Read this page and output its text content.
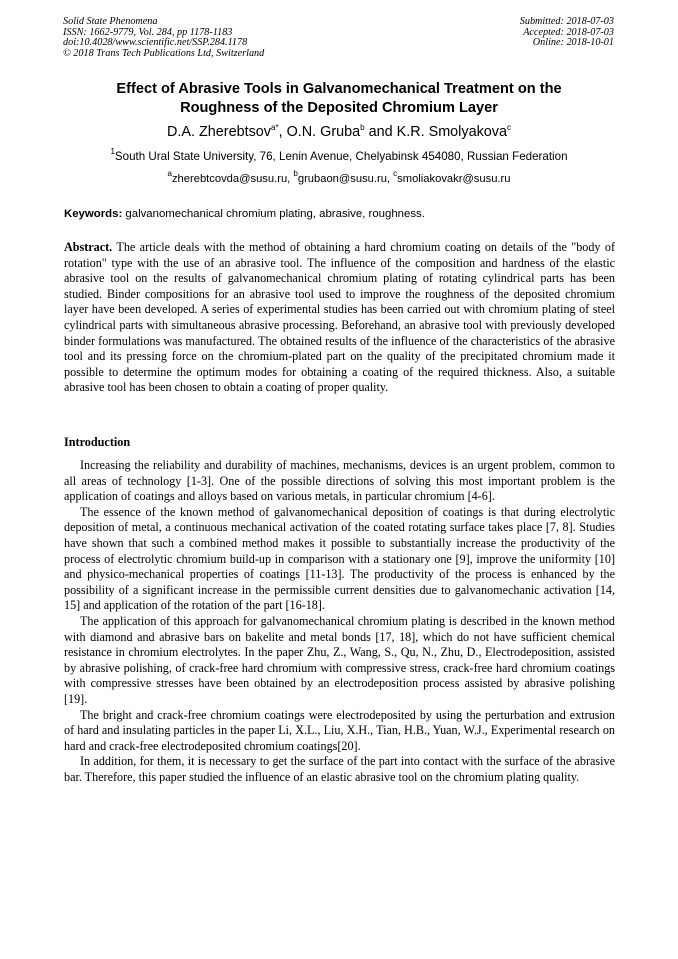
Solid State Phenomena
ISSN: 1662-9779, Vol. 284, pp 1178-1183
doi:10.4028/www.scientific.net/SSP.284.1178
© 2018 Trans Tech Publications Ltd, Switzerland
Submitted: 2018-07-03
Accepted: 2018-07-03
Online: 2018-10-01
Effect of Abrasive Tools in Galvanomechanical Treatment on the
Roughness of the Deposited Chromium Layer
D.A. Zherebtsov$^{a*}$, O.N. Gruba$^b$ and K.R. Smolyakova$^c$
$^1$South Ural State University, 76, Lenin Avenue, Chelyabinsk 454080, Russian Federation
$^a$zherebtcovda@susu.ru, $^b$grubaon@susu.ru, $^c$smoliakovakr@susu.ru
Keywords: galvanomechanical chromium plating, abrasive, roughness.

Abstract. The article deals with the method of obtaining a hard chromium coating on details of the "body of rotation" type with the use of an abrasive tool. The influence of the composition and hardness of the elastic abrasive tool on the results of galvanomechanical chromium plating of rotating cylindrical parts has been studied. Binder compositions for an abrasive tool used to improve the roughness of the deposited chromium layer have been developed. A series of experimental studies has been carried out with chromium plating of steel cylindrical parts with simultaneous abrasive processing. Beforehand, an abrasive tool with previously developed binder formulations was manufactured. The obtained results of the influence of the characteristics of the abrasive tool and its pressing force on the chromium-plated part on the quality of the precipitated chromium made it possible to determine the optimum modes for obtaining a coating of the required thickness. Also, a suitable abrasive tool has been chosen to obtain a coating of proper quality.

Introduction

Increasing the reliability and durability of machines, mechanisms, devices is an urgent problem, common to all areas of technology [1-3]. One of the possible directions of solving this most important problem is the application of coatings and alloys based on various metals, in particular chromium [4-6].

The essence of the known method of galvanomechanical deposition of coatings is that during electrolytic deposition of metal, a continuous mechanical activation of the coated rotating surface takes place [7, 8]. Studies have shown that such a combined method makes it possible to substantially increase the productivity of the process of electrolytic chromium build-up in comparison with a stationary one [9], improve the uniformity [10] and physico-mechanical properties of coatings [11-13]. The productivity of the process is enhanced by the possibility of a significant increase in the permissible current densities due to galvanomechanic activation [14, 15] and application of the rotation of the part [16-18].

The application of this approach for galvanomechanical chromium plating is described in the known method with diamond and abrasive bars on bakelite and metal bonds [17, 18], which do not have sufficient chemical resistance in chromium electrolytes. In the paper Zhu, Z., Wang, S., Qu, N., Zhu, D., Electrodeposition, assisted by abrasive polishing, of crack-free hard chromium with compressive stress, crack-free hard chromium coatings with compressive stresses have been obtained by an electrodeposition process assisted by abrasive polishing [19].

The bright and crack-free chromium coatings were electrodeposited by using the perturbation and extrusion of hard and insulating particles in the paper Li, X.L., Liu, X.H., Tian, H.B., Yuan, W.J., Experimental research on hard and crack-free electrodeposited chromium coatings[20].

In addition, for them, it is necessary to get the surface of the part into contact with the surface of the abrasive bar. Therefore, this paper studied the influence of an elastic abrasive tool on the chromium plating quality.
